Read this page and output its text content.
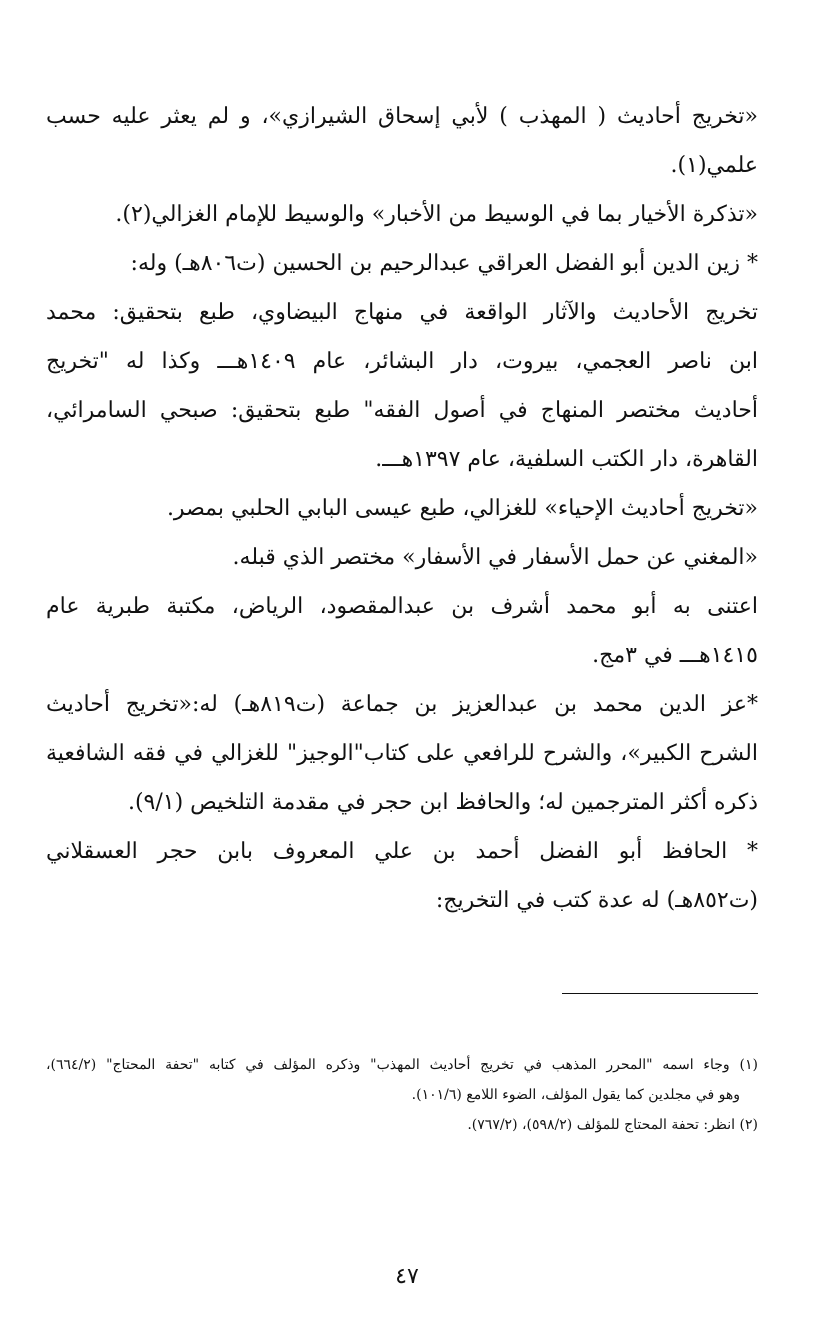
«تخريج أحاديث ( المهذب ) لأبي إسحاق الشيرازي»، و لم يعثر عليه حسب
علمي(١).
«تذكرة الأخيار بما في الوسيط من الأخبار» والوسيط للإمام الغزالي(٢).
* زين الدين أبو الفضل العراقي عبدالرحيم بن الحسين (ت٨٠٦هـ) وله:
تخريج الأحاديث والآثار الواقعة في منهاج البيضاوي، طبع بتحقيق: محمد
ابن ناصر العجمي، بيروت، دار البشائر، عام ١٤٠٩هـــ وكذا له "تخريج
أحاديث مختصر المنهاج في أصول الفقه" طبع بتحقيق: صبحي السامرائي،
القاهرة، دار الكتب السلفية، عام ١٣٩٧هـــ.
«تخريج أحاديث الإحياء» للغزالي، طبع عيسى البابي الحلبي بمصر.
«المغني عن حمل الأسفار في الأسفار» مختصر الذي قبله.
اعتنى به أبو محمد أشرف بن عبدالمقصود، الرياض، مكتبة طبرية عام
١٤١٥هـــ في ٣مج.
*عز الدين محمد بن عبدالعزيز بن جماعة (ت٨١٩هـ) له:«تخريج أحاديث
الشرح الكبير»، والشرح للرافعي على كتاب"الوجيز" للغزالي في فقه الشافعية
ذكره أكثر المترجمين له؛ والحافظ ابن حجر في مقدمة التلخيص (٩/١).
* الحافظ أبو الفضل أحمد بن علي المعروف بابن حجر العسقلاني
(ت٨٥٢هـ) له عدة كتب في التخريج:
(١) وجاء اسمه "المحرر المذهب في تخريج أحاديث المهذب" وذكره المؤلف في كتابه "تحفة المحتاج" (٦٦٤/٢)،
وهو في مجلدين كما يقول المؤلف، الضوء اللامع (١٠١/٦).
(٢) انظر: تحفة المحتاج للمؤلف (٥٩٨/٢)، (٧٦٧/٢).
٤٧
